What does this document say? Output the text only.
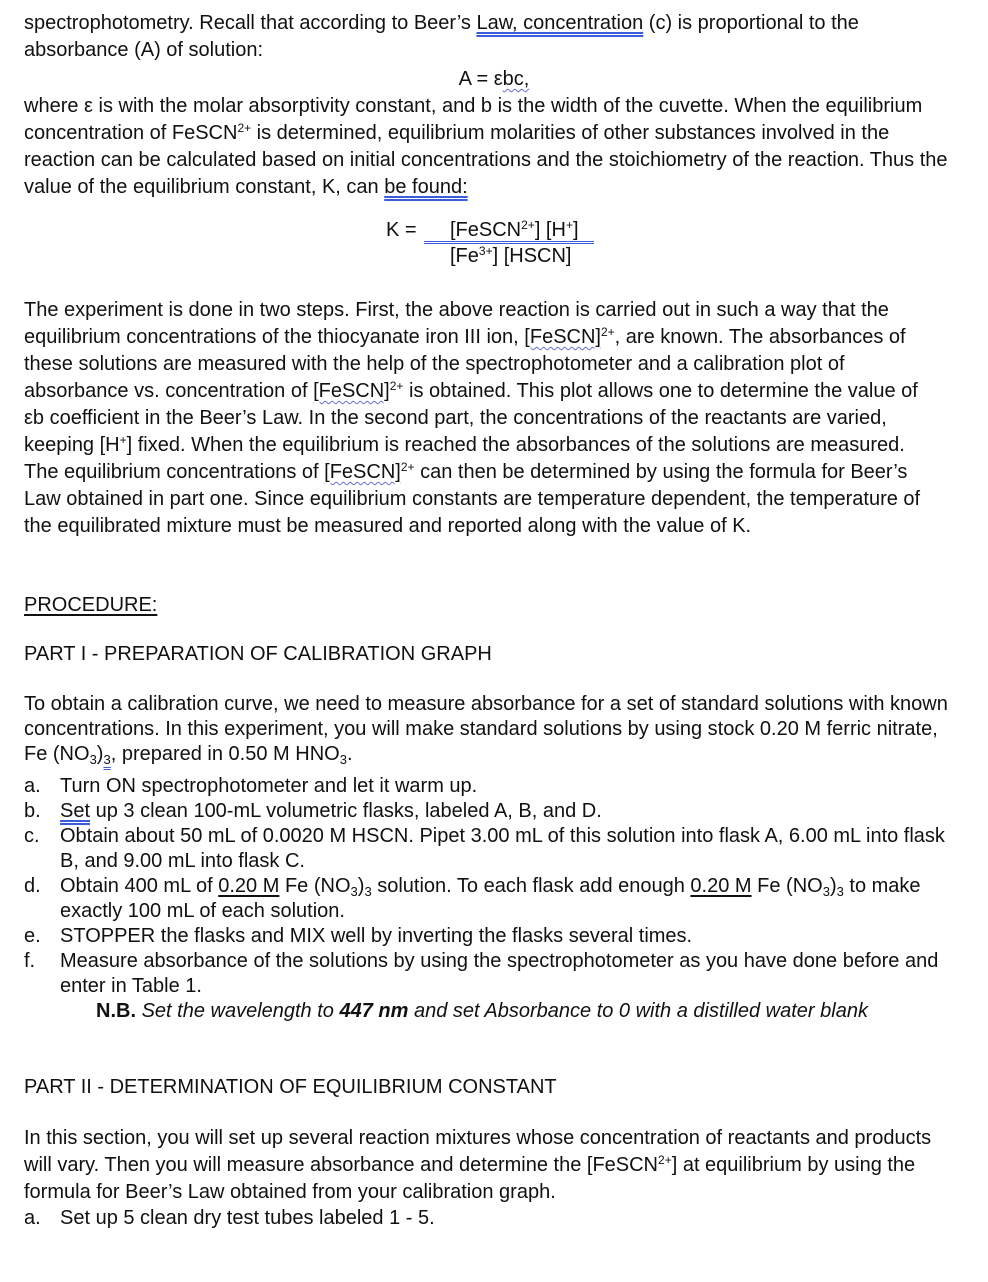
spectrophotometry. Recall that according to Beer’s Law, concentration (c) is proportional to the absorbance (A) of solution:

A = εbc,

where ε is with the molar absorptivity constant, and b is the width of the cuvette. When the equilibrium concentration of FeSCN$^{2+}$ is determined, equilibrium molarities of other substances involved in the reaction can be calculated based on initial concentrations and the stoichiometry of the reaction. Thus the value of the equilibrium constant, K, can be found:

K = [FeSCN$^{2+}$] [H+]
$[Fe^{3+}]$ [HSCN]

The experiment is done in two steps. First, the above reaction is carried out in such a way that the equilibrium concentrations of the thiocyanate iron III ion, [FeSCN]$^{2+}$, are known. The absorbances of these solutions are measured with the help of the spectrophotometer and a calibration plot of absorbance vs. concentration of [FeSCN]$^{2+}$ is obtained. This plot allows one to determine the value of εb coefficient in the Beer’s Law. In the second part, the concentrations of the reactants are varied, keeping [H+] fixed. When the equilibrium is reached the absorbances of the solutions are measured. The equilibrium concentrations of [FeSCN]$^{2+}$ can then be determined by using the formula for Beer’s Law obtained in part one. Since equilibrium constants are temperature dependent, the temperature of the equilibrated mixture must be measured and reported along with the value of K.

PROCEDURE:

PART I - PREPARATION OF CALIBRATION GRAPH

To obtain a calibration curve, we need to measure absorbance for a set of standard solutions with known concentrations. In this experiment, you will make standard solutions by using stock 0.20 M ferric nitrate, Fe $(NO_3)_3$, prepared in 0.50 M $HNO_3$.

a. Turn ON spectrophotometer and let it warm up.
b. Set up 3 clean 100-mL volumetric flasks, labeled A, B, and D.
c. Obtain about 50 mL of 0.0020 M HSCN. Pipet 3.00 mL of this solution into flask A, 6.00 mL into flask B, and 9.00 mL into flask C.
d. Obtain 400 mL of 0.20 M Fe $(NO_3)_3$ solution. To each flask add enough 0.20 M Fe $(NO_3)_3$ to make exactly 100 mL of each solution.
e. STOPPER the flasks and MIX well by inverting the flasks several times.
f. Measure absorbance of the solutions by using the spectrophotometer as you have done before and enter in Table 1.

N.B. Set the wavelength to 447 nm and set Absorbance to 0 with a distilled water blank

PART II - DETERMINATION OF EQUILIBRIUM CONSTANT

In this section, you will set up several reaction mixtures whose concentration of reactants and products will vary. Then you will measure absorbance and determine the [FeSCN$^{2+}$] at equilibrium by using the formula for Beer’s Law obtained from your calibration graph.

a. Set up 5 clean dry test tubes labeled 1 - 5.
